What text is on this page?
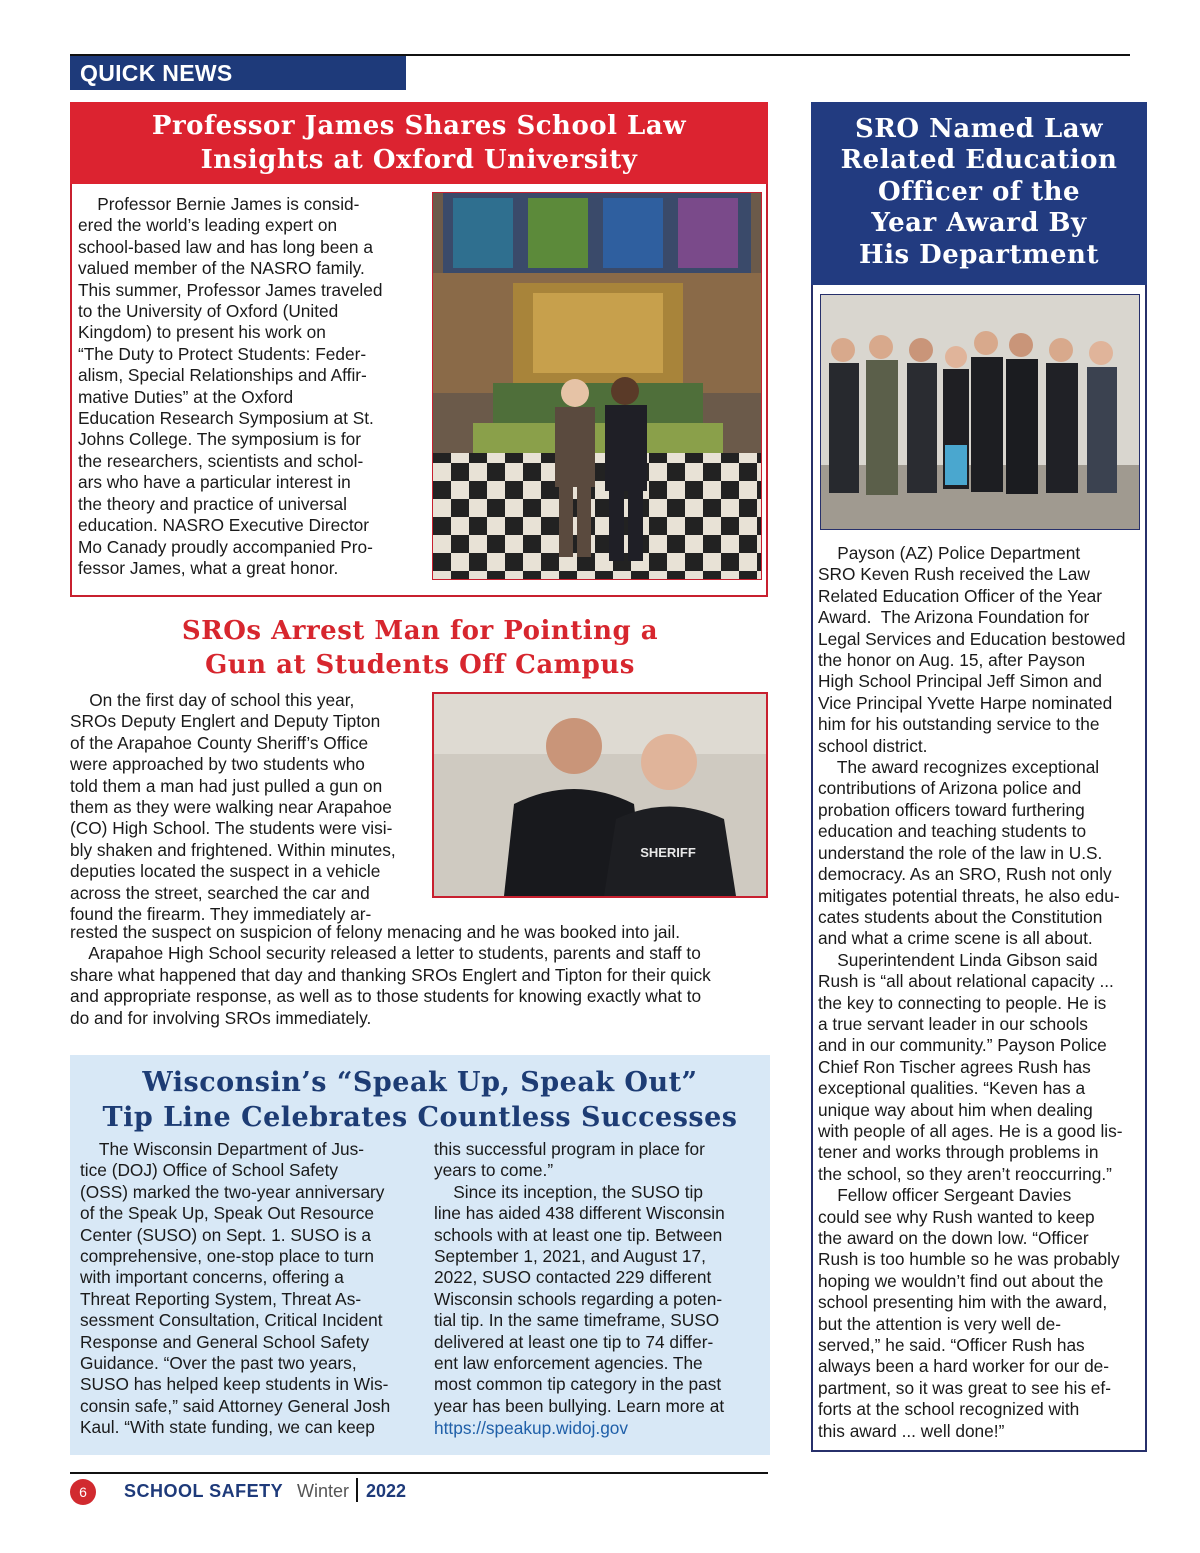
QUICK NEWS
Professor James Shares School Law
Insights at Oxford University
Professor Bernie James is consid-
ered the world’s leading expert on
school-based law and has long been a
valued member of the NASRO family.
This summer, Professor James traveled
to the University of Oxford (United
Kingdom) to present his work on
“The Duty to Protect Students: Feder-
alism, Special Relationships and Affir-
mative Duties” at the Oxford
Education Research Symposium at St.
Johns College. The symposium is for
the researchers, scientists and schol-
ars who have a particular interest in
the theory and practice of universal
education. NASRO Executive Director
Mo Canady proudly accompanied Pro-
fessor James, what a great honor.
SROs Arrest Man for Pointing a
Gun at Students Off Campus
On the first day of school this year,
SROs Deputy Englert and Deputy Tipton
of the Arapahoe County Sheriff’s Office
were approached by two students who
told them a man had just pulled a gun on
them as they were walking near Arapahoe
(CO) High School. The students were visi-
bly shaken and frightened. Within minutes,
deputies located the suspect in a vehicle
across the street, searched the car and
found the firearm. They immediately ar-
SHERIFF
rested the suspect on suspicion of felony menacing and he was booked into jail.
Arapahoe High School security released a letter to students, parents and staff to
share what happened that day and thanking SROs Englert and Tipton for their quick
and appropriate response, as well as to those students for knowing exactly what to
do and for involving SROs immediately.
Wisconsin’s “Speak Up, Speak Out”
Tip Line Celebrates Countless Successes
The Wisconsin Department of Jus-
tice (DOJ) Office of School Safety
(OSS) marked the two-year anniversary
of the Speak Up, Speak Out Resource
Center (SUSO) on Sept. 1. SUSO is a
comprehensive, one-stop place to turn
with important concerns, offering a
Threat Reporting System, Threat As-
sessment Consultation, Critical Incident
Response and General School Safety
Guidance. “Over the past two years,
SUSO has helped keep students in Wis-
consin safe,” said Attorney General Josh
Kaul. “With state funding, we can keep
this successful program in place for
years to come.”
Since its inception, the SUSO tip
line has aided 438 different Wisconsin
schools with at least one tip. Between
September 1, 2021, and August 17,
2022, SUSO contacted 229 different
Wisconsin schools regarding a poten-
tial tip. In the same timeframe, SUSO
delivered at least one tip to 74 differ-
ent law enforcement agencies. The
most common tip category in the past
year has been bullying. Learn more at
https://speakup.widoj.gov
SRO Named Law
Related Education
Officer of the
Year Award By
His Department
Payson (AZ) Police Department
SRO Keven Rush received the Law
Related Education Officer of the Year
Award.  The Arizona Foundation for
Legal Services and Education bestowed
the honor on Aug. 15, after Payson
High School Principal Jeff Simon and
Vice Principal Yvette Harpe nominated
him for his outstanding service to the
school district.
The award recognizes exceptional
contributions of Arizona police and
probation officers toward furthering
education and teaching students to
understand the role of the law in U.S.
democracy. As an SRO, Rush not only
mitigates potential threats, he also edu-
cates students about the Constitution
and what a crime scene is all about.
Superintendent Linda Gibson said
Rush is “all about relational capacity ...
the key to connecting to people. He is
a true servant leader in our schools
and in our community.” Payson Police
Chief Ron Tischer agrees Rush has
exceptional qualities. “Keven has a
unique way about him when dealing
with people of all ages. He is a good lis-
tener and works through problems in
the school, so they aren’t reoccurring.”
Fellow officer Sergeant Davies
could see why Rush wanted to keep
the award on the down low. “Officer
Rush is too humble so he was probably
hoping we wouldn’t find out about the
school presenting him with the award,
but the attention is very well de-
served,” he said. “Officer Rush has
always been a hard worker for our de-
partment, so it was great to see his ef-
forts at the school recognized with
this award ... well done!”
6	SCHOOL SAFETY Winter 2022
